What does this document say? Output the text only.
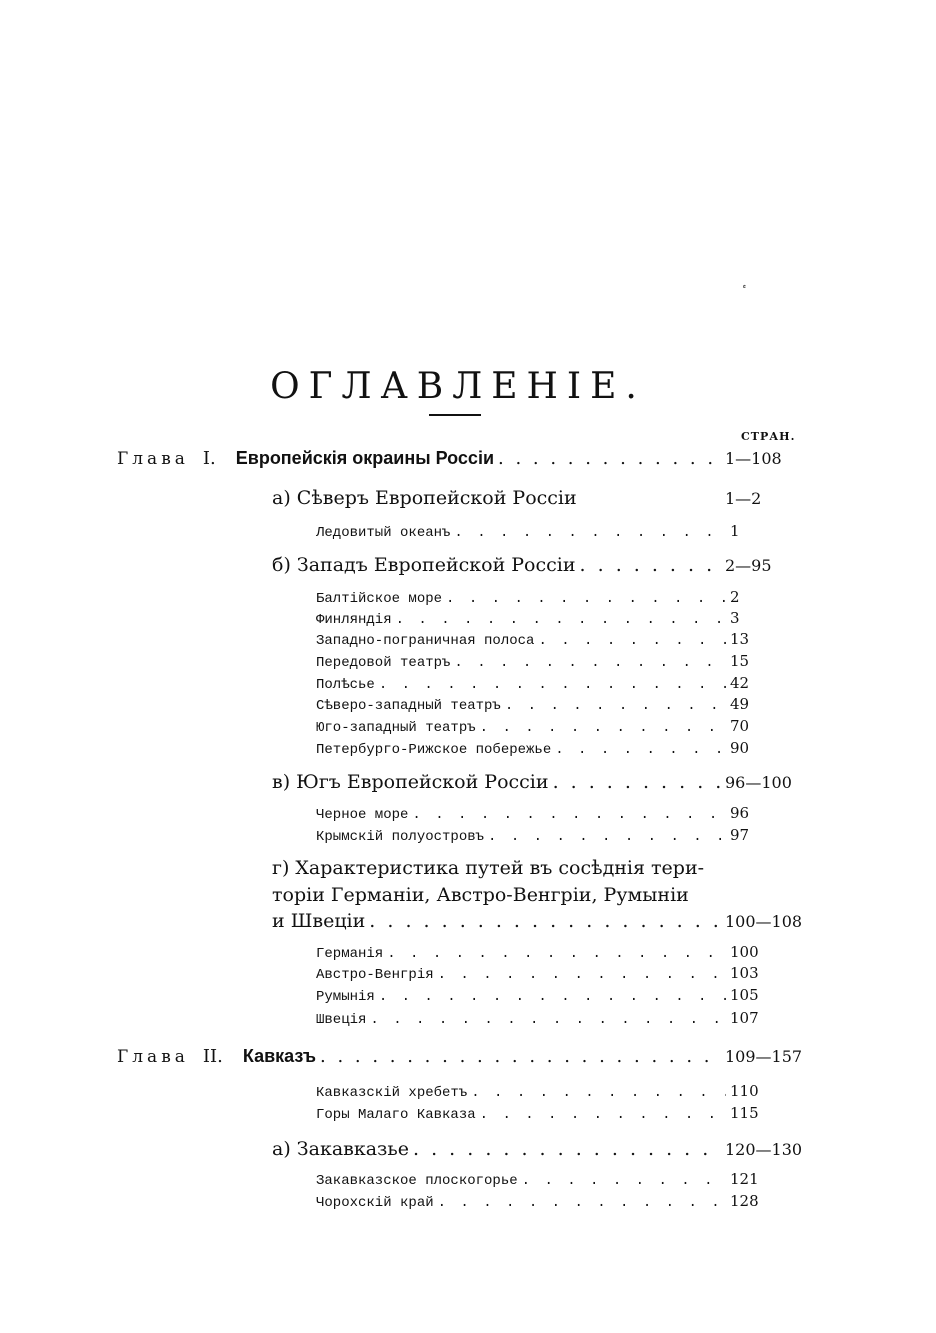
ОГЛАВЛЕНІЕ.
СТРАН.
Глава I. Европейскія окраины Россіи . . .	1—108
а) Сѣверъ Европейской Россіи	1—2
Ледовитый океанъ . . .	1
б) Западъ Европейской Россіи . . .	2—95
Балтійское море . . .	2
Финляндія . . .	3
Западно-пограничная полоса . . .	13
Передовой театръ . . .	15
Полѣсье . . .	42
Сѣверо-западный театръ . . .	49
Юго-западный театръ . . .	70
Петербурго-Рижское побережье . . .	90
в) Югъ Европейской Россіи . . .	96—100
Черное море . . .	96
Крымскій полуостровъ . . .	97
г) Характеристика путей въ сосѣднія тери-
торіи Германіи, Австро-Венгріи, Румыніи
и Швеціи . . .	100—108
Германія . . .	100
Австро-Венгрія . . .	103
Румынія . . .	105
Швеція . . .	107
Глава II. Кавказъ . . .	109—157
Кавказскій хребетъ . . .	110
Горы Малаго Кавказа . . .	115
а) Закавказье . . .	120—130
Закавказское плоскогорье . . .	121
Чорохскій край . . .	128
